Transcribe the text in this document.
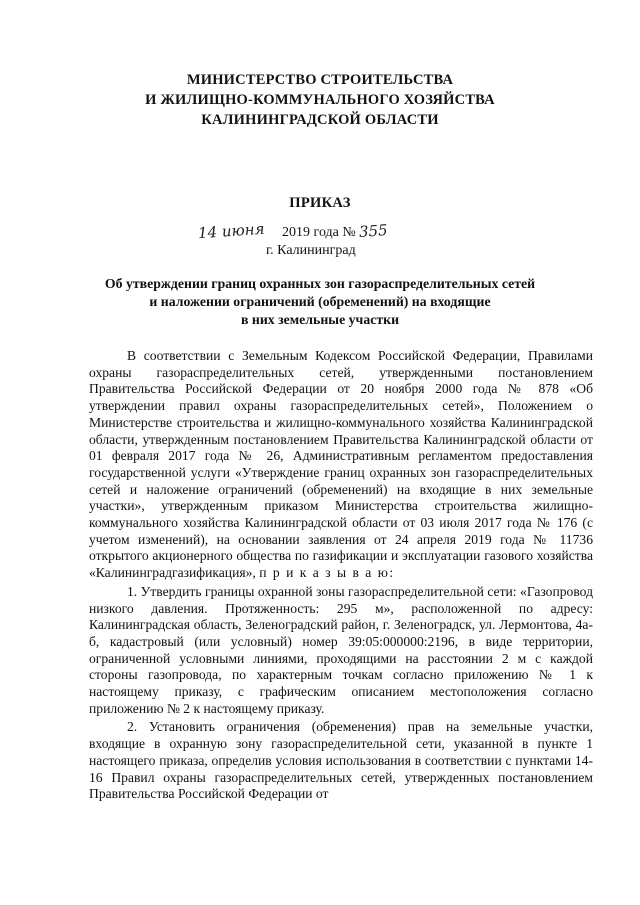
МИНИСТЕРСТВО СТРОИТЕЛЬСТВА
И ЖИЛИЩНО-КОММУНАЛЬНОГО ХОЗЯЙСТВА
КАЛИНИНГРАДСКОЙ ОБЛАСТИ
ПРИКАЗ
14 июня 2019 года № 355
г. Калининград
Об утверждении границ охранных зон газораспределительных сетей
и наложении ограничений (обременений) на входящие
в них земельные участки

В соответствии с Земельным Кодексом Российской Федерации, Правилами охраны газораспределительных сетей, утвержденными постановлением Правительства Российской Федерации от 20 ноября 2000 года № 878 «Об утверждении правил охраны газораспределительных сетей», Положением о Министерстве строительства и жилищно-коммунального хозяйства Калининградской области, утвержденным постановлением Правительства Калининградской области от 01 февраля 2017 года № 26, Административным регламентом предоставления государственной услуги «Утверждение границ охранных зон газораспределительных сетей и наложение ограничений (обременений) на входящие в них земельные участки», утвержденным приказом Министерства строительства жилищно-коммунального хозяйства Калининградской области от 03 июля 2017 года № 176 (с учетом изменений), на основании заявления от 24 апреля 2019 года № 11736 открытого акционерного общества по газификации и эксплуатации газового хозяйства «Калининградгазификация», п р и к а з ы в а ю:

1. Утвердить границы охранной зоны газораспределительной сети: «Газопровод низкого давления. Протяженность: 295 м», расположенной по адресу: Калининградская область, Зеленоградский район, г. Зеленоградск, ул. Лермонтова, 4а-б, кадастровый (или условный) номер 39:05:000000:2196, в виде территории, ограниченной условными линиями, проходящими на расстоянии 2 м с каждой стороны газопровода, по характерным точкам согласно приложению № 1 к настоящему приказу, с графическим описанием местоположения согласно приложению № 2 к настоящему приказу.

2. Установить ограничения (обременения) прав на земельные участки, входящие в охранную зону газораспределительной сети, указанной в пункте 1 настоящего приказа, определив условия использования в соответствии с пунктами 14-16 Правил охраны газораспределительных сетей, утвержденных постановлением Правительства Российской Федерации от
